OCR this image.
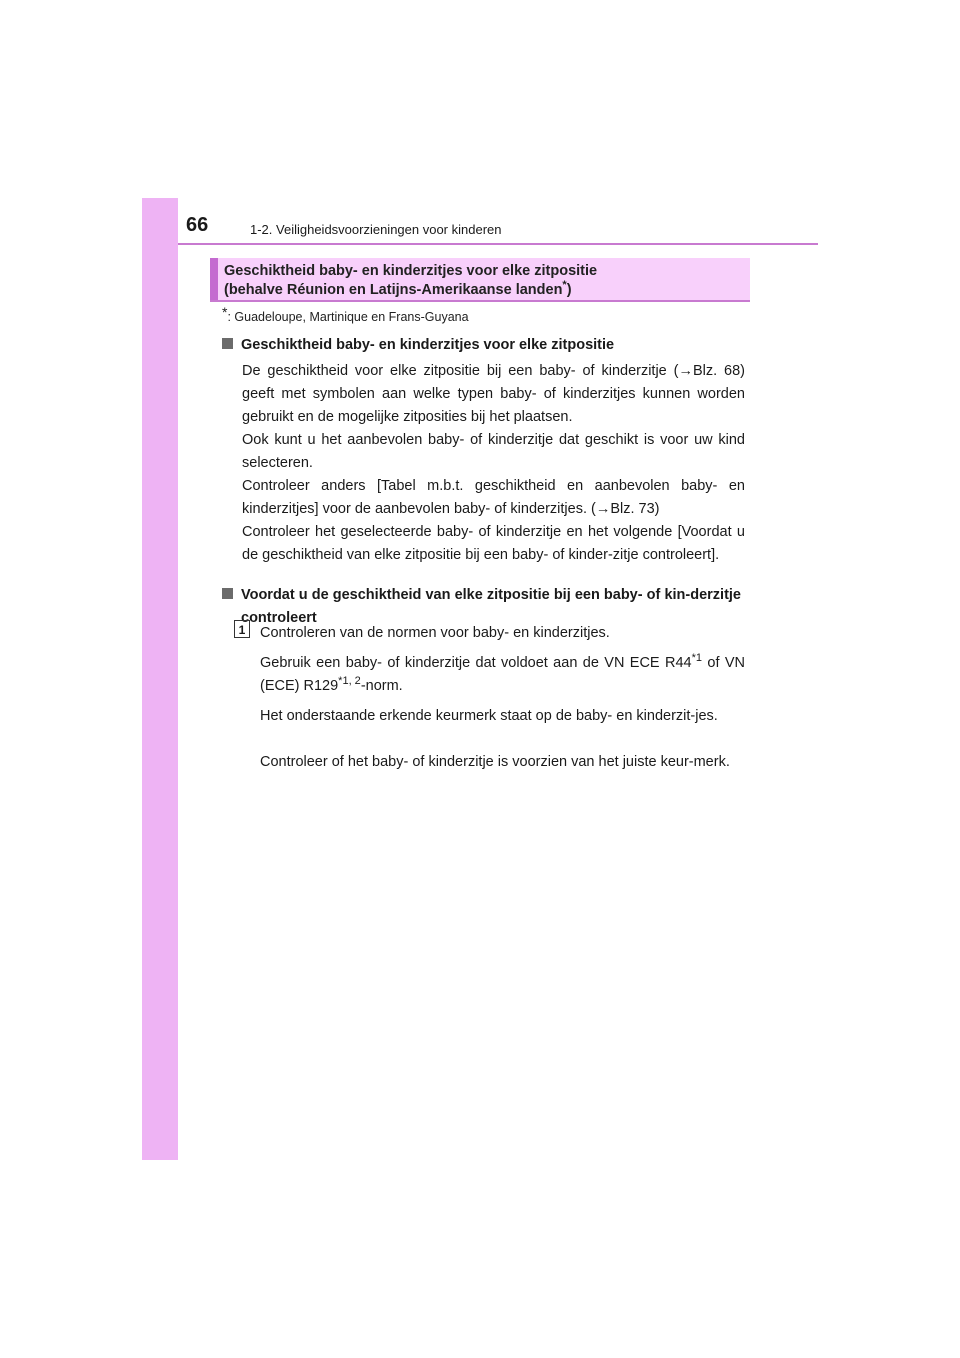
66	1-2. Veiligheidsvoorzieningen voor kinderen
Geschiktheid baby- en kinderzitjes voor elke zitpositie
(behalve Réunion en Latijns-Amerikaanse landen*)
*: Guadeloupe, Martinique en Frans-Guyana
Geschiktheid baby- en kinderzitjes voor elke zitpositie
De geschiktheid voor elke zitpositie bij een baby- of kinderzitje (→Blz. 68) geeft met symbolen aan welke typen baby- of kinderzitjes kunnen worden gebruikt en de mogelijke zitposities bij het plaatsen.
Ook kunt u het aanbevolen baby- of kinderzitje dat geschikt is voor uw kind selecteren.
Controleer anders [Tabel m.b.t. geschiktheid en aanbevolen baby- en kinderzitjes] voor de aanbevolen baby- of kinderzitjes. (→Blz. 73)
Controleer het geselecteerde baby- of kinderzitje en het volgende [Voordat u de geschiktheid van elke zitpositie bij een baby- of kinder-zitje controleert].
Voordat u de geschiktheid van elke zitpositie bij een baby- of kin-derzitje controleert
1	Controleren van de normen voor baby- en kinderzitjes.
Gebruik een baby- of kinderzitje dat voldoet aan de VN ECE R44$^{*1}$ of VN (ECE) R129$^{*1, 2}$-norm.
Het onderstaande erkende keurmerk staat op de baby- en kinderzit-jes.
Controleer of het baby- of kinderzitje is voorzien van het juiste keur-merk.
